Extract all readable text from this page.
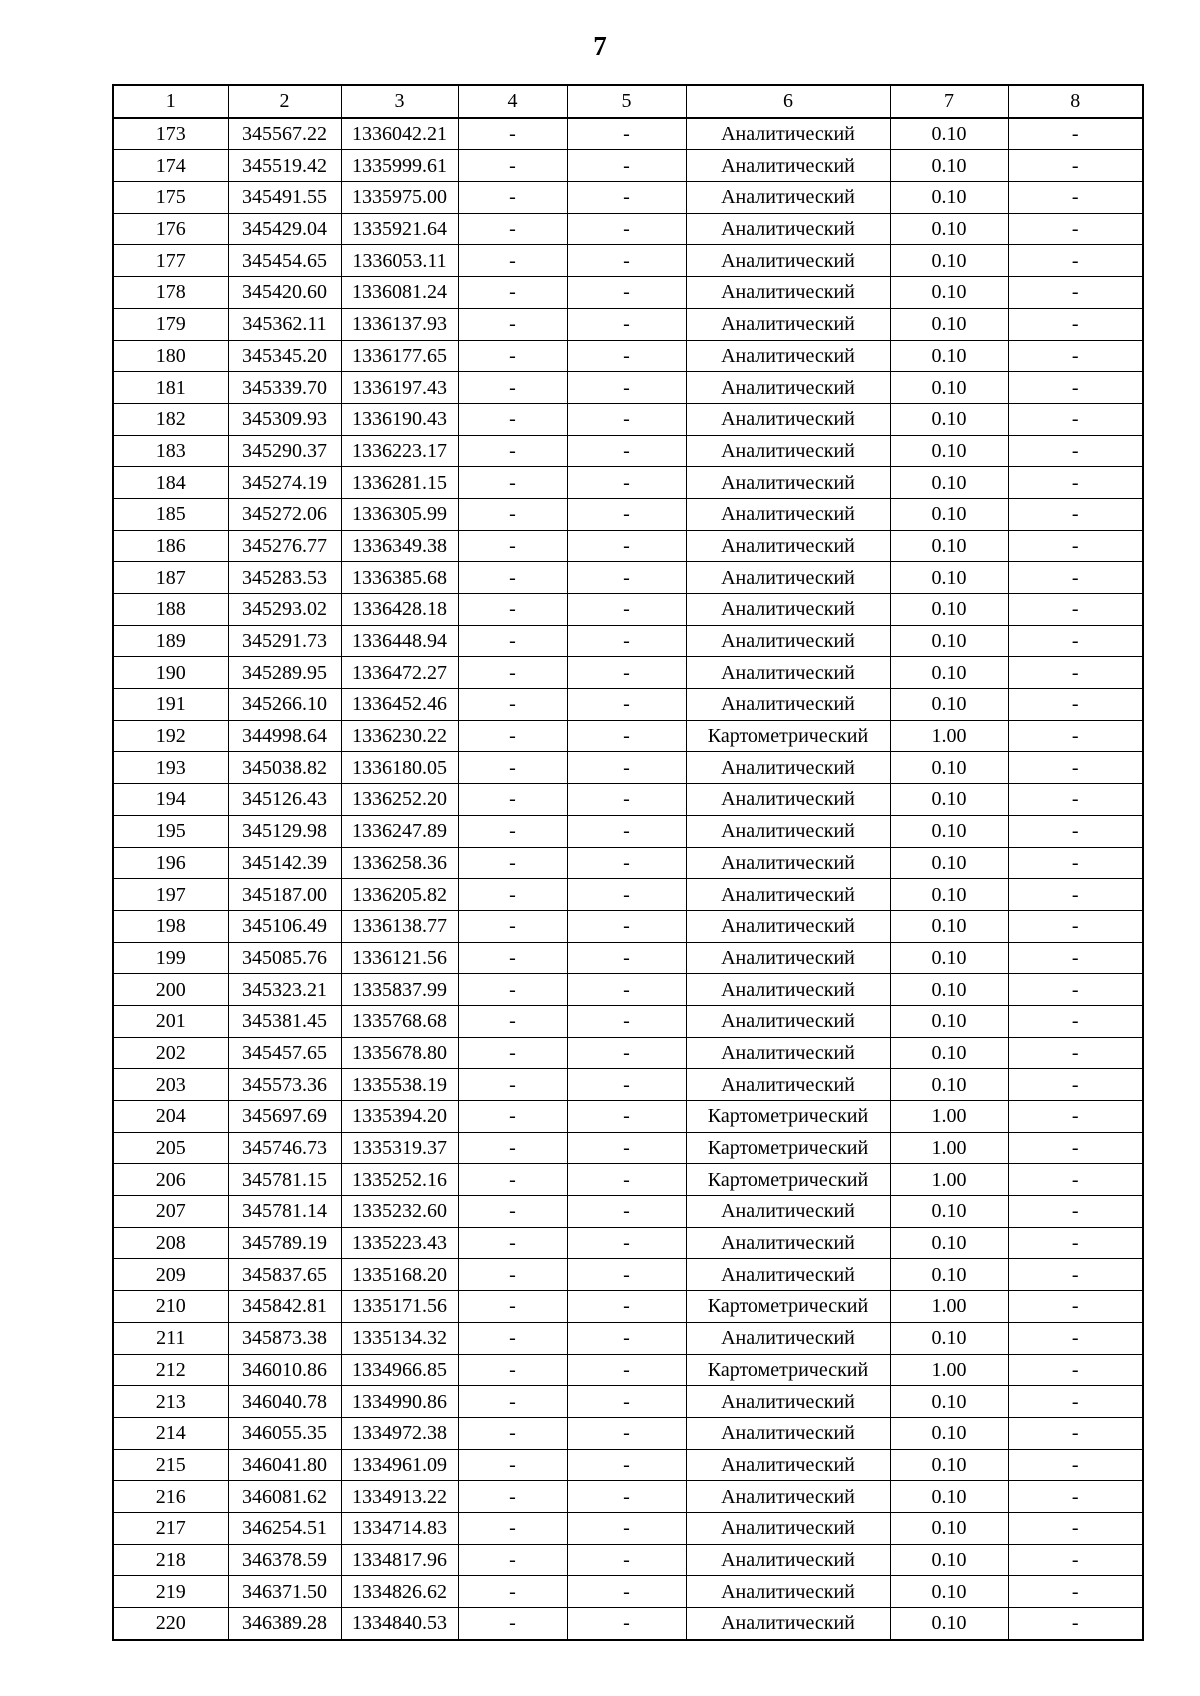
7
1	2	3	4	5	6	7	8
173	345567.22	1336042.21	-	-	Аналитический	0.10	-
174	345519.42	1335999.61	-	-	Аналитический	0.10	-
175	345491.55	1335975.00	-	-	Аналитический	0.10	-
176	345429.04	1335921.64	-	-	Аналитический	0.10	-
177	345454.65	1336053.11	-	-	Аналитический	0.10	-
178	345420.60	1336081.24	-	-	Аналитический	0.10	-
179	345362.11	1336137.93	-	-	Аналитический	0.10	-
180	345345.20	1336177.65	-	-	Аналитический	0.10	-
181	345339.70	1336197.43	-	-	Аналитический	0.10	-
182	345309.93	1336190.43	-	-	Аналитический	0.10	-
183	345290.37	1336223.17	-	-	Аналитический	0.10	-
184	345274.19	1336281.15	-	-	Аналитический	0.10	-
185	345272.06	1336305.99	-	-	Аналитический	0.10	-
186	345276.77	1336349.38	-	-	Аналитический	0.10	-
187	345283.53	1336385.68	-	-	Аналитический	0.10	-
188	345293.02	1336428.18	-	-	Аналитический	0.10	-
189	345291.73	1336448.94	-	-	Аналитический	0.10	-
190	345289.95	1336472.27	-	-	Аналитический	0.10	-
191	345266.10	1336452.46	-	-	Аналитический	0.10	-
192	344998.64	1336230.22	-	-	Картометрический	1.00	-
193	345038.82	1336180.05	-	-	Аналитический	0.10	-
194	345126.43	1336252.20	-	-	Аналитический	0.10	-
195	345129.98	1336247.89	-	-	Аналитический	0.10	-
196	345142.39	1336258.36	-	-	Аналитический	0.10	-
197	345187.00	1336205.82	-	-	Аналитический	0.10	-
198	345106.49	1336138.77	-	-	Аналитический	0.10	-
199	345085.76	1336121.56	-	-	Аналитический	0.10	-
200	345323.21	1335837.99	-	-	Аналитический	0.10	-
201	345381.45	1335768.68	-	-	Аналитический	0.10	-
202	345457.65	1335678.80	-	-	Аналитический	0.10	-
203	345573.36	1335538.19	-	-	Аналитический	0.10	-
204	345697.69	1335394.20	-	-	Картометрический	1.00	-
205	345746.73	1335319.37	-	-	Картометрический	1.00	-
206	345781.15	1335252.16	-	-	Картометрический	1.00	-
207	345781.14	1335232.60	-	-	Аналитический	0.10	-
208	345789.19	1335223.43	-	-	Аналитический	0.10	-
209	345837.65	1335168.20	-	-	Аналитический	0.10	-
210	345842.81	1335171.56	-	-	Картометрический	1.00	-
211	345873.38	1335134.32	-	-	Аналитический	0.10	-
212	346010.86	1334966.85	-	-	Картометрический	1.00	-
213	346040.78	1334990.86	-	-	Аналитический	0.10	-
214	346055.35	1334972.38	-	-	Аналитический	0.10	-
215	346041.80	1334961.09	-	-	Аналитический	0.10	-
216	346081.62	1334913.22	-	-	Аналитический	0.10	-
217	346254.51	1334714.83	-	-	Аналитический	0.10	-
218	346378.59	1334817.96	-	-	Аналитический	0.10	-
219	346371.50	1334826.62	-	-	Аналитический	0.10	-
220	346389.28	1334840.53	-	-	Аналитический	0.10	-
